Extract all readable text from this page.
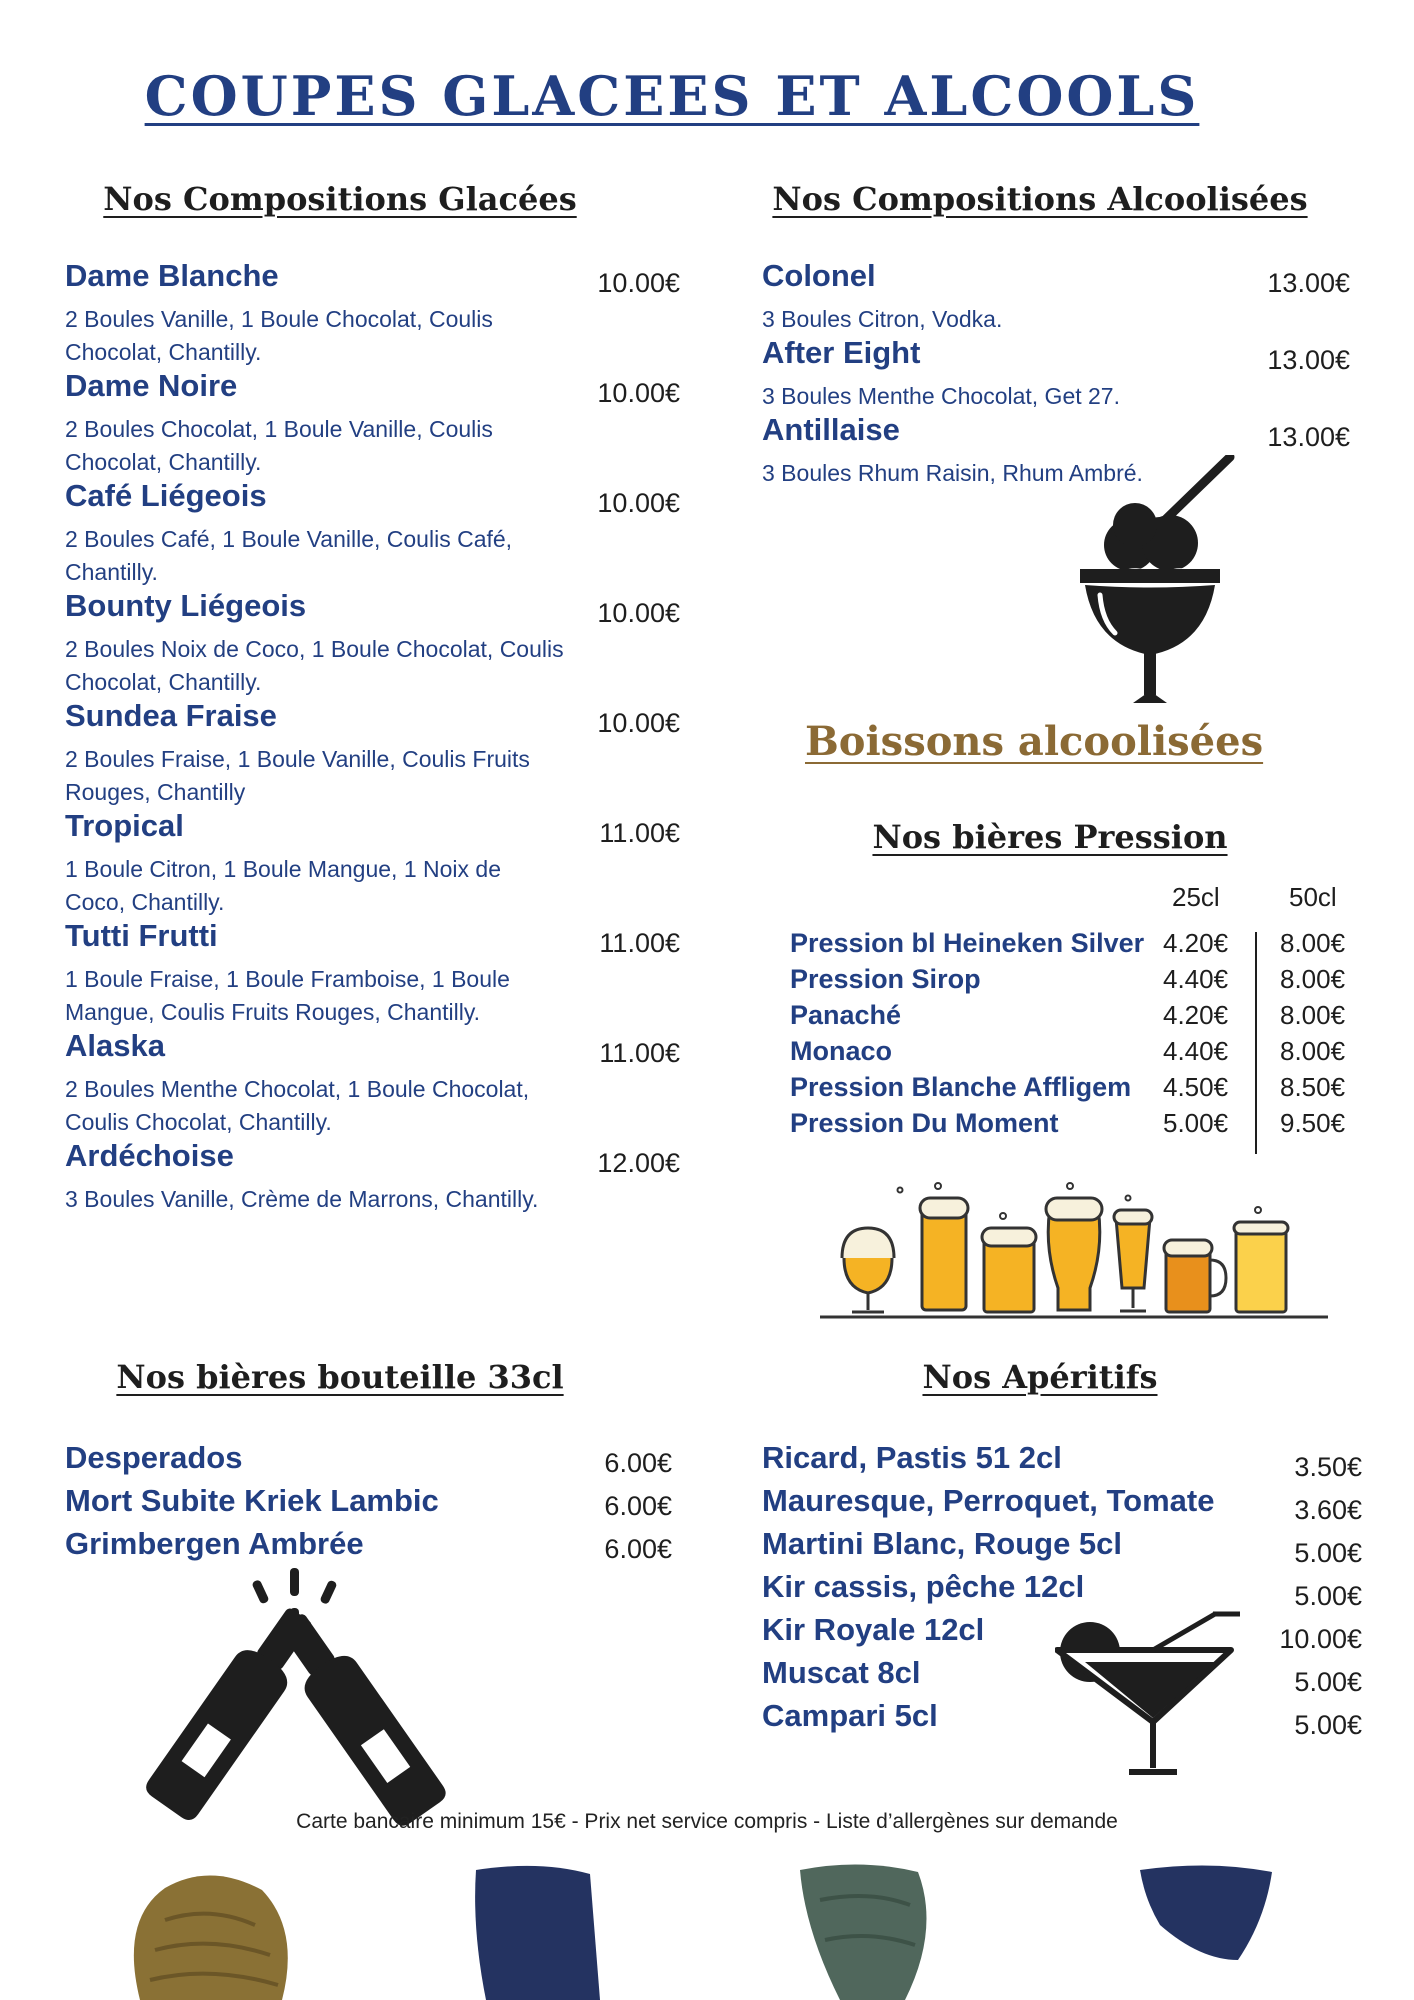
COUPES GLACEES ET ALCOOLS
Nos Compositions Glacées	Nos Compositions Alcoolisées
Dame Blanche
2 Boules Vanille, 1 Boule Chocolat, Coulis Chocolat, Chantilly.
10.00€
Dame Noire
2 Boules Chocolat, 1 Boule Vanille, Coulis Chocolat, Chantilly.
10.00€
Café Liégeois
2 Boules Café, 1 Boule Vanille, Coulis Café, Chantilly.
10.00€
Bounty Liégeois
2 Boules Noix de Coco, 1 Boule Chocolat, Coulis Chocolat, Chantilly.
10.00€
Sundea Fraise
2 Boules Fraise, 1 Boule Vanille, Coulis Fruits Rouges, Chantilly
10.00€
Tropical
1 Boule Citron, 1 Boule Mangue, 1 Noix de Coco, Chantilly.
11.00€
Tutti Frutti
1 Boule Fraise, 1 Boule Framboise, 1 Boule Mangue, Coulis Fruits Rouges, Chantilly.
11.00€
Alaska
2 Boules Menthe Chocolat, 1 Boule Chocolat, Coulis Chocolat, Chantilly.
11.00€
Ardéchoise
3 Boules Vanille, Crème de Marrons, Chantilly.
12.00€
Colonel
3 Boules Citron, Vodka.
13.00€
After Eight
3 Boules Menthe Chocolat, Get 27.
13.00€
Antillaise
3 Boules Rhum Raisin, Rhum Ambré.
13.00€
Boissons alcoolisées
Nos bières Pression
25cl	50cl
Pression bl Heineken Silver 4.20€ 8.00€
Pression Sirop	4.40€ 8.00€
Panaché	4.20€ 8.00€
Monaco	4.40€ 8.00€
Pression Blanche Affligem 4.50€ 8.50€
Pression Du Moment	5.00€ 9.50€
Nos bières bouteille 33cl	Nos Apéritifs
Desperados	6.00€
Mort Subite Kriek Lambic	6.00€
Grimbergen Ambrée	6.00€
Ricard, Pastis 51 2cl	3.50€
Mauresque, Perroquet, Tomate	3.60€
Martini Blanc, Rouge 5cl	5.00€
Kir cassis, pêche 12cl	5.00€
Kir Royale 12cl	10.00€
Muscat 8cl	5.00€
Campari 5cl	5.00€
Carte bancaire minimum 15€ - Prix net service compris - Liste d’allergènes sur demande
